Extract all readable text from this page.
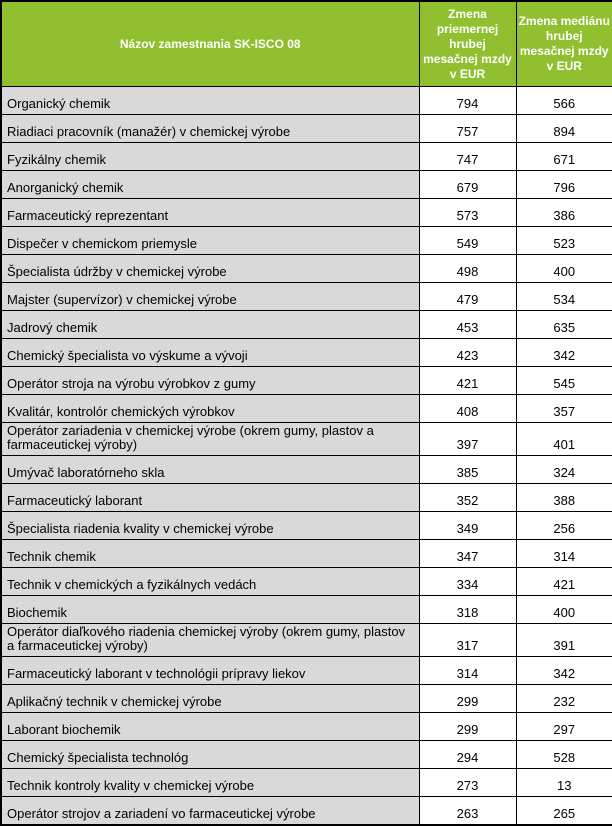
Názov zamestnania SK-ISCO 08	Zmena priemernej hrubej mesačnej mzdy v EUR	Zmena mediánu hrubej mesačnej mzdy v EUR
Organický chemik	794	566
Riadiaci pracovník (manažér) v chemickej výrobe	757	894
Fyzikálny chemik	747	671
Anorganický chemik	679	796
Farmaceutický reprezentant	573	386
Dispečer v chemickom priemysle	549	523
Špecialista údržby v chemickej výrobe	498	400
Majster (supervízor) v chemickej výrobe	479	534
Jadrový chemik	453	635
Chemický špecialista vo výskume a vývoji	423	342
Operátor stroja na výrobu výrobkov z gumy	421	545
Kvalitár, kontrolór chemických výrobkov	408	357
Operátor zariadenia v chemickej výrobe (okrem gumy, plastov a farmaceutickej výroby)	397	401
Umývač laboratórneho skla	385	324
Farmaceutický laborant	352	388
Špecialista riadenia kvality v chemickej výrobe	349	256
Technik chemik	347	314
Technik v chemických a fyzikálnych vedách	334	421
Biochemik	318	400
Operátor diaľkového riadenia chemickej výroby (okrem gumy, plastov a farmaceutickej výroby)	317	391
Farmaceutický laborant v technológii prípravy liekov	314	342
Aplikačný technik v chemickej výrobe	299	232
Laborant biochemik	299	297
Chemický špecialista technológ	294	528
Technik kontroly kvality v chemickej výrobe	273	13
Operátor strojov a zariadení vo farmaceutickej výrobe	263	265
